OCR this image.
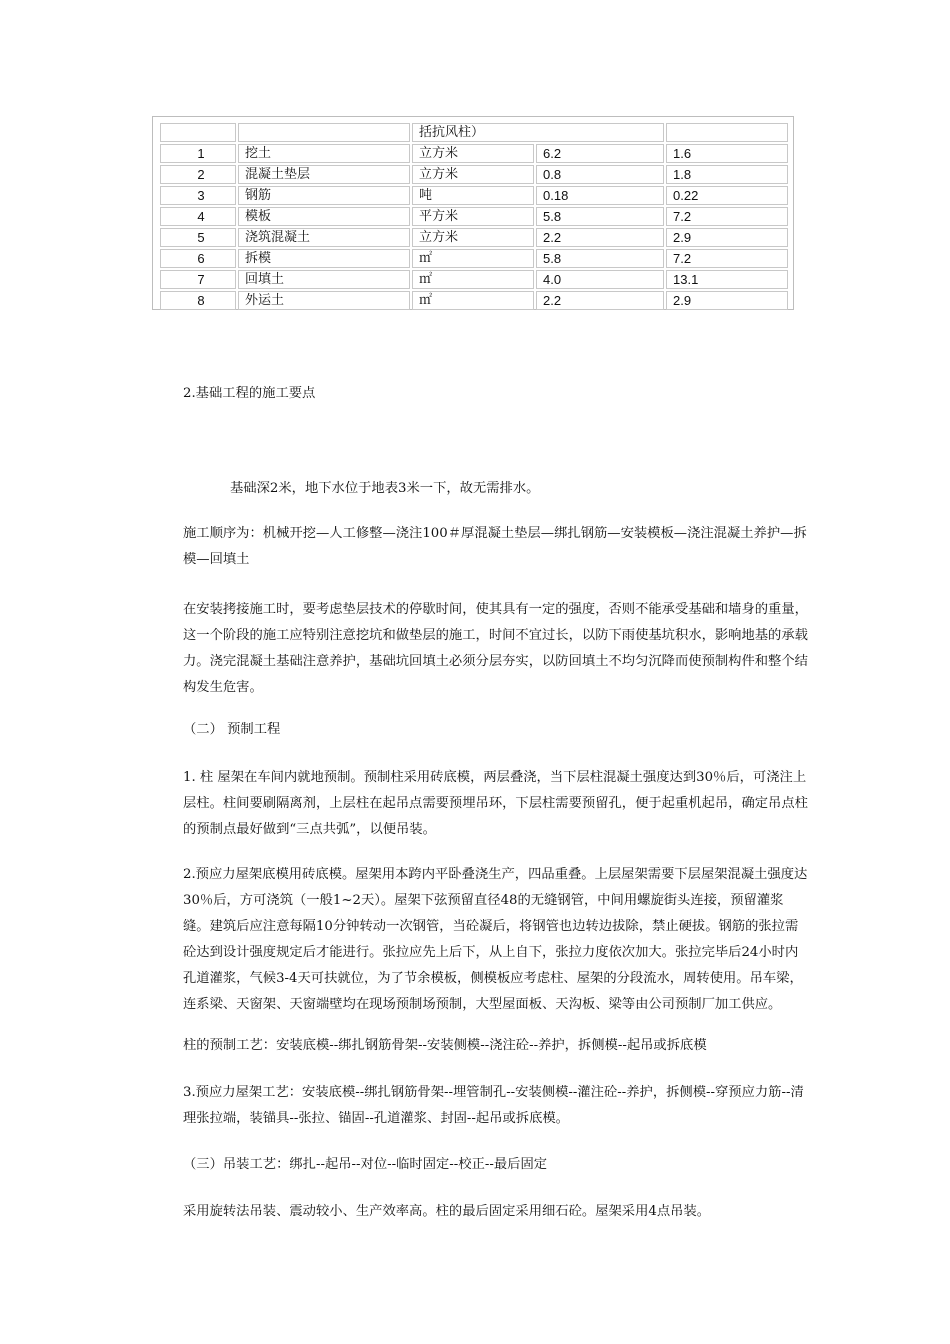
		括抗风柱）		
1	挖土	立方米	6.2	1.6
2	混凝土垫层	立方米	0.8	1.8
3	钢筋	吨	0.18	0.22
4	模板	平方米	5.8	7.2
5	浇筑混凝土	立方米	2.2	2.9
6	拆模	㎡	5.8	7.2
7	回填土	㎡	4.0	13.1
8	外运土	㎡	2.2	2.9

2.基础工程的施工要点

基础深2米，地下水位于地表3米一下，故无需排水。

施工顺序为：机械开挖—人工修整—浇注100＃厚混凝土垫层—绑扎钢筋—安装模板—浇注混凝土养护—拆模—回填土

在安装拷接施工时，要考虑垫层技术的停歇时间，使其具有一定的强度，否则不能承受基础和墙身的重量，这一个阶段的施工应特别注意挖坑和做垫层的施工，时间不宜过长，以防下雨使基坑积水，影响地基的承载力。浇完混凝土基础注意养护，基础坑回填土必须分层夯实，以防回填土不均匀沉降而使预制构件和整个结构发生危害。

（二） 预制工程

1. 柱 屋架在车间内就地预制。预制柱采用砖底模，两层叠浇，当下层柱混凝土强度达到30％后，可浇注上层柱。柱间要刷隔离剂，上层柱在起吊点需要预埋吊环，下层柱需要预留孔，便于起重机起吊，确定吊点柱的预制点最好做到“三点共弧”，以便吊装。

2.预应力屋架底模用砖底模。屋架用本跨内平卧叠浇生产，四品重叠。上层屋架需要下层屋架混凝土强度达30％后，方可浇筑（一般1~2天）。屋架下弦预留直径48的无缝钢管，中间用螺旋街头连接，预留灌浆缝。建筑后应注意每隔10分钟转动一次钢管，当砼凝后，将钢管也边转边拔除，禁止硬拔。钢筋的张拉需砼达到设计强度规定后才能进行。张拉应先上后下，从上自下，张拉力度依次加大。张拉完毕后24小时内孔道灌浆，气候3-4天可扶就位，为了节余模板，侧模板应考虑柱、屋架的分段流水，周转使用。吊车梁，连系梁、天窗架、天窗端壁均在现场预制场预制，大型屋面板、天沟板、梁等由公司预制厂加工供应。

柱的预制工艺：安装底模--绑扎钢筋骨架--安装侧模--浇注砼--养护，拆侧模--起吊或拆底模

3.预应力屋架工艺：安装底模--绑扎钢筋骨架--埋管制孔--安装侧模--灌注砼--养护，拆侧模--穿预应力筋--清理张拉端，装锚具--张拉、锚固--孔道灌浆、封固--起吊或拆底模。

（三）吊装工艺：绑扎--起吊--对位--临时固定--校正--最后固定

采用旋转法吊装、震动较小、生产效率高。柱的最后固定采用细石砼。屋架采用4点吊装。
